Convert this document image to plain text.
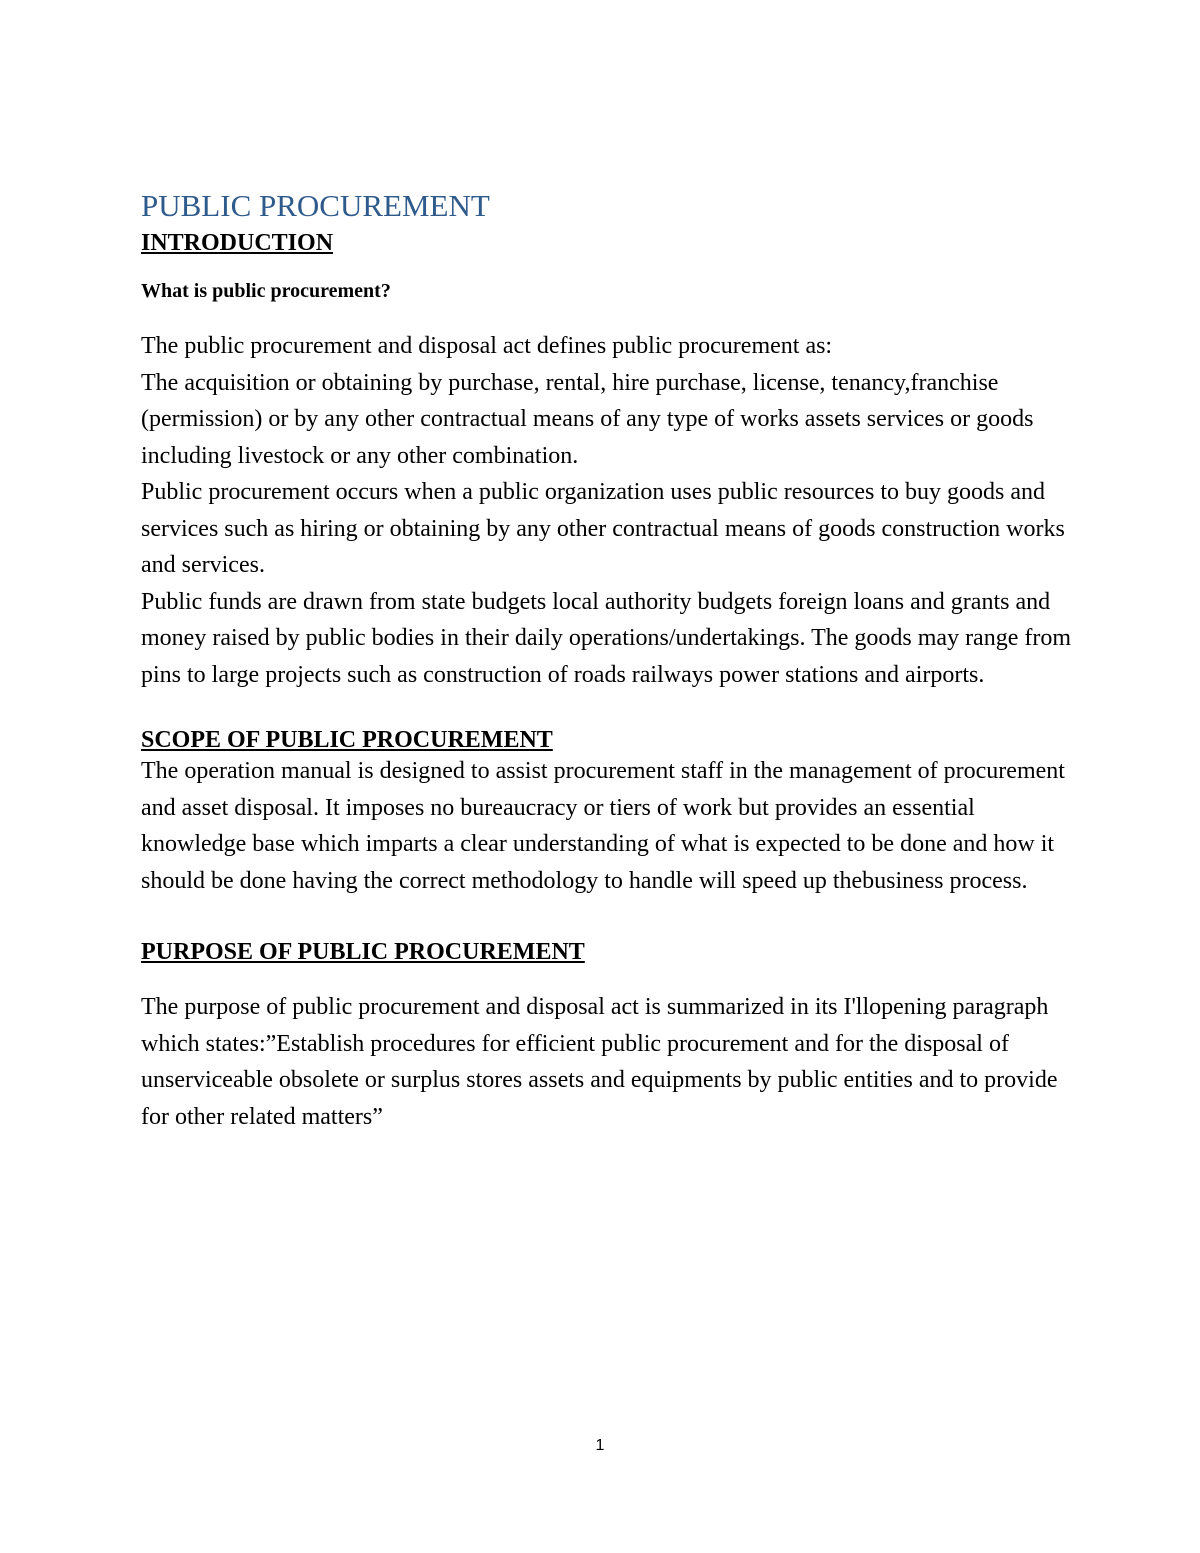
PUBLIC PROCUREMENT
INTRODUCTION

What is public procurement?

The public procurement and disposal act defines public procurement as:

The acquisition or obtaining by purchase, rental, hire purchase, license, tenancy,franchise (permission) or by any other contractual means of any type of works assets services or goods including livestock or any other combination.

Public procurement occurs when a public organization uses public resources to buy goods and services such as hiring or obtaining by any other contractual means of goods construction works and services.

Public funds are drawn from state budgets local authority budgets foreign loans and grants and money raised by public bodies in their daily operations/undertakings. The goods may range from pins to large projects such as construction of roads railways power stations and airports.

SCOPE OF PUBLIC PROCUREMENT

The operation manual is designed to assist procurement staff in the management of procurement and asset disposal. It imposes no bureaucracy or tiers of work but provides an essential knowledge base which imparts a clear understanding of what is expected to be done and how it should be done having the correct methodology to handle will speed up thebusiness process.

PURPOSE OF PUBLIC PROCUREMENT

The purpose of public procurement and disposal act is summarized in its I'llopening paragraph which states:”Establish procedures for efficient public procurement and for the disposal of unserviceable obsolete or surplus stores assets and equipments by public entities and to provide for other related matters”

1
